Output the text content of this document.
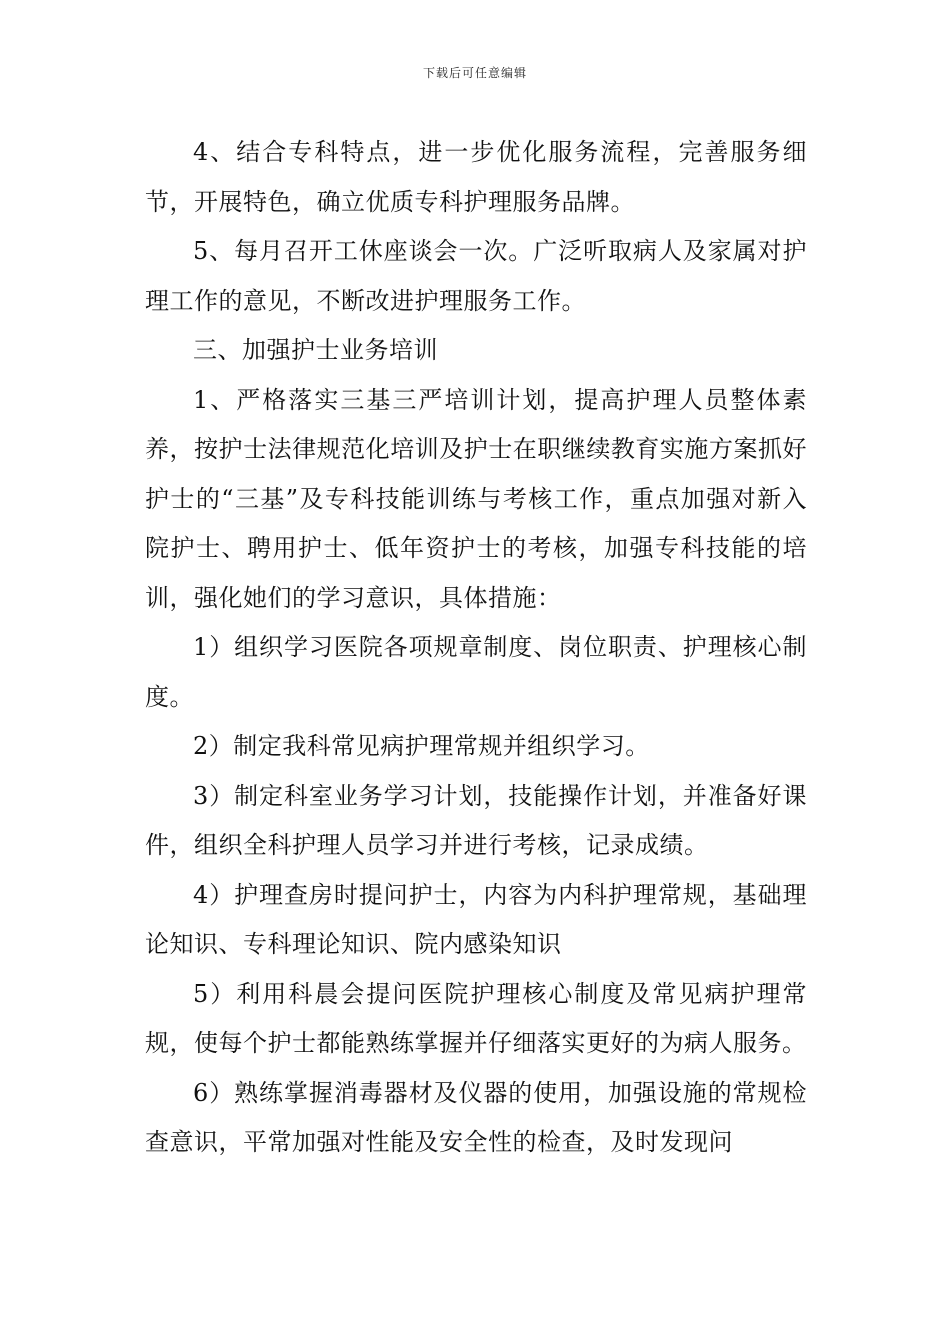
下载后可任意编辑

4、结合专科特点，进一步优化服务流程，完善服务细节，开展特色，确立优质专科护理服务品牌。

5、每月召开工休座谈会一次。广泛听取病人及家属对护理工作的意见，不断改进护理服务工作。

三、加强护士业务培训

1、严格落实三基三严培训计划，提高护理人员整体素养，按护士法律规范化培训及护士在职继续教育实施方案抓好护士的“三基”及专科技能训练与考核工作，重点加强对新入院护士、聘用护士、低年资护士的考核，加强专科技能的培训，强化她们的学习意识，具体措施：

1）组织学习医院各项规章制度、岗位职责、护理核心制度。

2）制定我科常见病护理常规并组织学习。

3）制定科室业务学习计划，技能操作计划，并准备好课件，组织全科护理人员学习并进行考核，记录成绩。

4）护理查房时提问护士，内容为内科护理常规，基础理论知识、专科理论知识、院内感染知识

5）利用科晨会提问医院护理核心制度及常见病护理常规，使每个护士都能熟练掌握并仔细落实更好的为病人服务。

6）熟练掌握消毒器材及仪器的使用，加强设施的常规检查意识，平常加强对性能及安全性的检查，及时发现问
